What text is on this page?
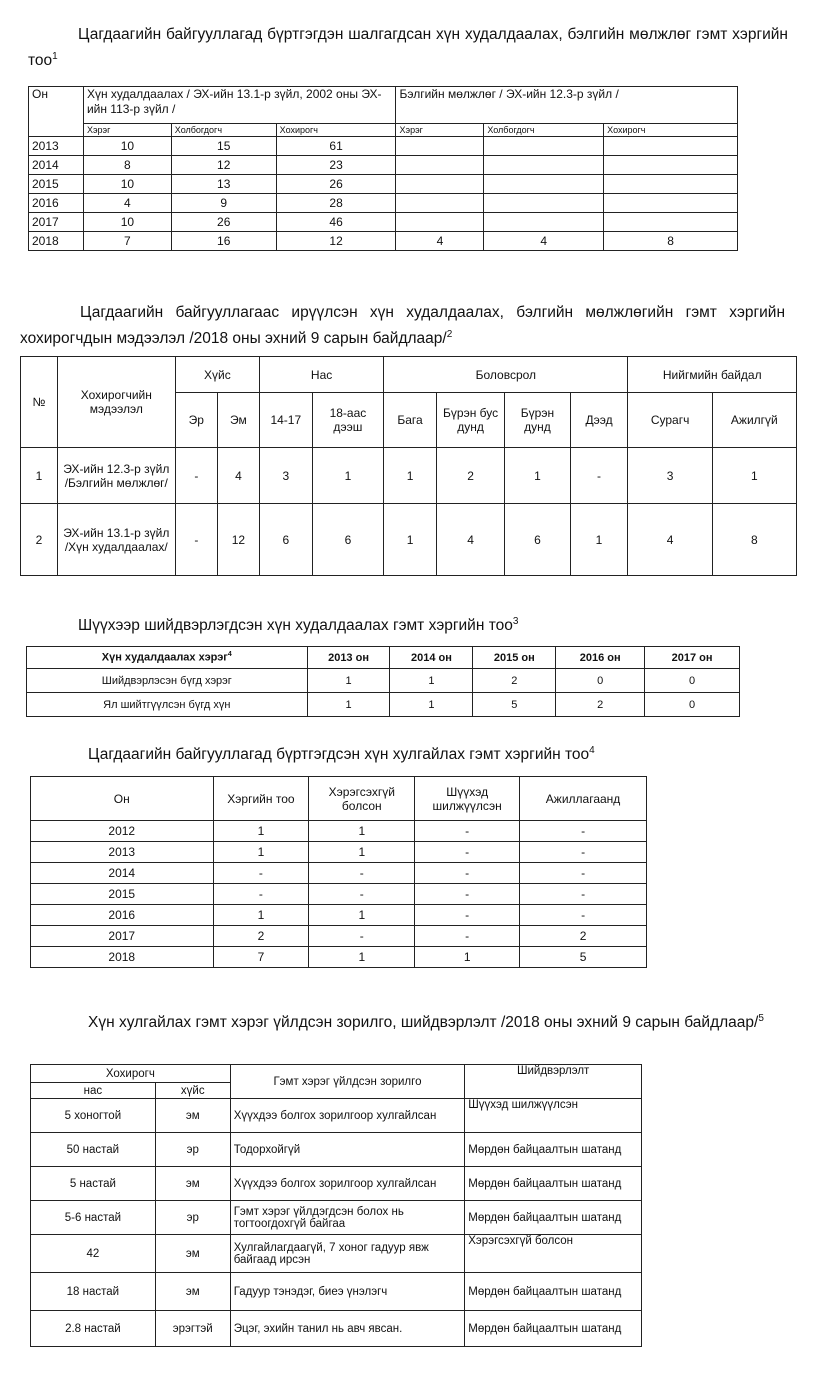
Цагдаагийн байгууллагад бүртгэгдэн шалгагдсан хүн худалдаалах, бэлгийн мөлжлөг гэмт хэргийн тоо$^1$

Он	Хүн худалдаалах / ЭХ-ийн 13.1-р зүйл, 2002 оны ЭХ-ийн 113-р зүйл /			Бэлгийн мөлжлөг / ЭХ-ийн 12.3-р зүйл /		
	Хэрэг	Холбогдогч	Хохирогч	Хэрэг	Холбогдогч	Хохирогч
2013	10	15	61			
2014	8	12	23			
2015	10	13	26			
2016	4	9	28			
2017	10	26	46			
2018	7	16	12	4	4	8

Цагдаагийн байгууллагаас ирүүлсэн хүн худалдаалах, бэлгийн мөлжлөгийн гэмт хэргийн хохирогчдын мэдээлэл /2018 оны эхний 9 сарын байдлаар/$^2$

№	Хохирогчийн мэдээлэл	Хүйс		Нас		Боловсрол				Нийгмийн байдал	
		Эр	Эм	14-17	18-аас дээш	Бага	Бүрэн бус дунд	Бүрэн дунд	Дээд	Сурагч	Ажилгүй
1	ЭХ-ийн 12.3-р зүйл /Бэлгийн мөлжлөг/	-	4	3	1	1	2	1	-	3	1
2	ЭХ-ийн 13.1-р зүйл /Хүн худалдаалах/	-	12	6	6	1	4	6	1	4	8

Шүүхээр шийдвэрлэгдсэн хүн худалдаалах гэмт хэргийн тоо$^3$

Хүн худалдаалах хэрэг$^4$	2013 он	2014 он	2015 он	2016 он	2017 он
Шийдвэрлэсэн бүгд хэрэг	1	1	2	0	0
Ял шийтгүүлсэн бүгд хүн	1	1	5	2	0

Цагдаагийн байгууллагад бүртгэгдсэн хүн хулгайлах гэмт хэргийн тоо$^4$

Он	Хэргийн тоо	Хэрэгсэхгүй болсон	Шүүхэд шилжүүлсэн	Ажиллагаанд
2012	1	1	-	-
2013	1	1	-	-
2014	-	-	-	-
2015	-	-	-	-
2016	1	1	-	-
2017	2	-	-	2
2018	7	1	1	5

Хүн хулгайлах гэмт хэрэг үйлдсэн зорилго, шийдвэрлэлт /2018 оны эхний 9 сарын байдлаар/$^5$

Хохирогч		Гэмт хэрэг үйлдсэн зорилго	Шийдвэрлэлт
нас	хүйс		
5 хоногтой	эм	Хүүхдээ болгох зорилгоор хулгайлсан	Шүүхэд шилжүүлсэн
50 настай	эр	Тодорхойгүй	Мөрдөн байцаалтын шатанд
5 настай	эм	Хүүхдээ болгох зорилгоор хулгайлсан	Мөрдөн байцаалтын шатанд
5-6 настай	эр	Гэмт хэрэг үйлдэгдсэн болох нь тогтоогдохгүй байгаа	Мөрдөн байцаалтын шатанд
42	эм	Хулгайлагдаагүй, 7 хоног гадуур явж байгаад ирсэн	Хэрэгсэхгүй болсон
18 настай	эм	Гадуур тэнэдэг, биеэ үнэлэгч	Мөрдөн байцаалтын шатанд
2.8 настай	эрэгтэй	Эцэг, эхийн танил нь авч явсан.	Мөрдөн байцаалтын шатанд
